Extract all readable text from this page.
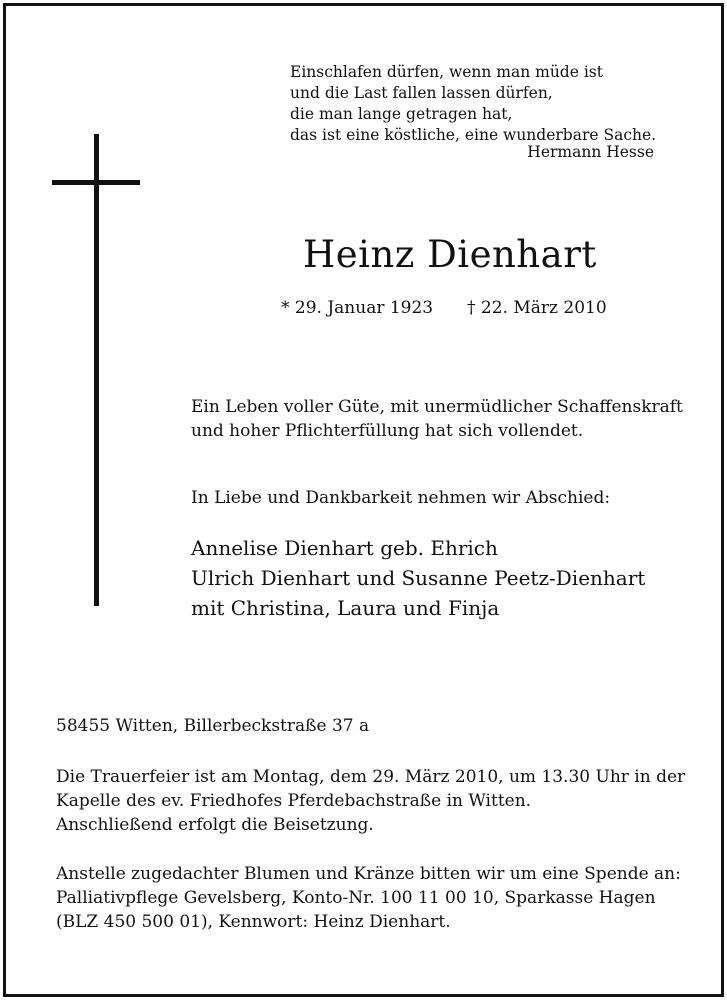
Einschlafen dürfen, wenn man müde ist
und die Last fallen lassen dürfen,
die man lange getragen hat,
das ist eine köstliche, eine wunderbare Sache.
Hermann Hesse
Heinz Dienhart
* 29. Januar 1923 † 22. März 2010
Ein Leben voller Güte, mit unermüdlicher Schaffenskraft
und hoher Pflichterfüllung hat sich vollendet.
In Liebe und Dankbarkeit nehmen wir Abschied:
Annelise Dienhart geb. Ehrich
Ulrich Dienhart und Susanne Peetz-Dienhart
mit Christina, Laura und Finja
58455 Witten, Billerbeckstraße 37 a
Die Trauerfeier ist am Montag, dem 29. März 2010, um 13.30 Uhr in der
Kapelle des ev. Friedhofes Pferdebachstraße in Witten.
Anschließend erfolgt die Beisetzung.
Anstelle zugedachter Blumen und Kränze bitten wir um eine Spende an:
Palliativpflege Gevelsberg, Konto-Nr. 100 11 00 10, Sparkasse Hagen
(BLZ 450 500 01), Kennwort: Heinz Dienhart.
